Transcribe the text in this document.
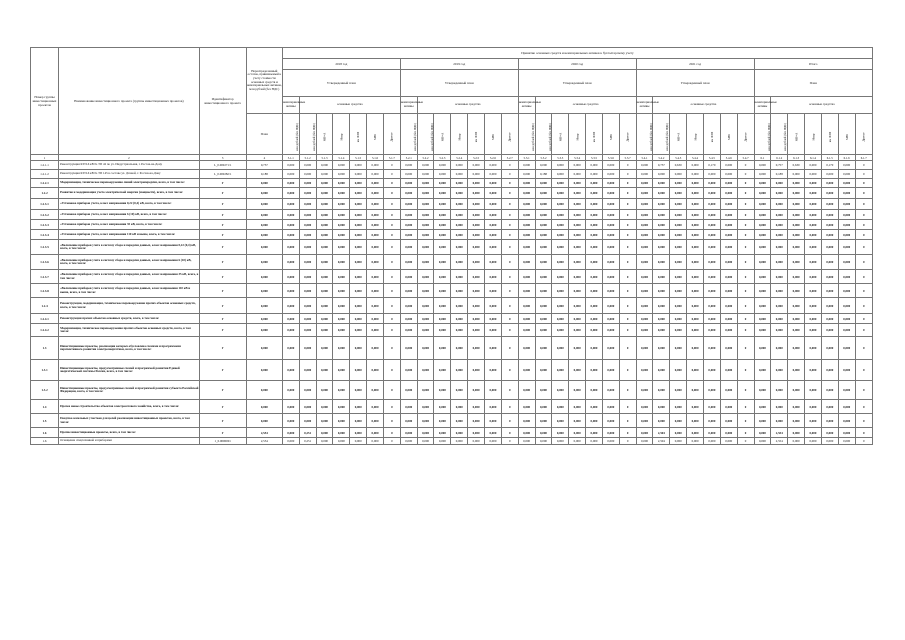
Номер группы инвестиционных проектов	Наименование инвестиционного проекта (группы инвестиционных проектов)	Идентификатор инвестиционного проекта	Нераспределенный остаток, принимаемый к учету стоимости основных средств и нематериальных активов, млн рублей (без НДС)	Принятие основных средств и нематериальных активов к бухгалтерскому учету																																		
				2018 год							2019 год							2020 год							2021 год							Итого						
				Утвержденный план							Утвержденный план							Утвержденный план							Утвержденный план							План						
				нематериальные активы	основные средства						нематериальные активы	основные средства						нематериальные активы	основные средства						нематериальные активы	основные средства						нематериальные активы	основные средства					
			План	млн рублей (без НДС)	млн рублей (без НДС)	МВ×А	Мвар	км ЛЭП	МВт	Другое	млн рублей (без НДС)	млн рублей (без НДС)	МВ×А	Мвар	км ЛЭП	МВт	Другое	млн рублей (без НДС)	млн рублей (без НДС)	МВ×А	Мвар	км ЛЭП	МВт	Другое	млн рублей (без НДС)	млн рублей (без НДС)	МВ×А	Мвар	км ЛЭП	МВт	Другое	млн рублей (без НДС)	млн рублей (без НДС)	МВ×А	Мвар	км ЛЭП	МВт	Другое
1	2	3	4	5.1.1	5.1.2	5.1.3	5.1.4	5.1.5	5.1.6	5.1.7	5.2.1	5.2.2	5.2.3	5.2.4	5.2.5	5.2.6	5.2.7	5.3.1	5.3.2	5.3.3	5.3.4	5.3.5	5.3.6	5.3.7	5.4.1	5.4.2	5.4.3	5.4.4	5.4.5	5.4.6	5.4.7	6.1	6.1.2	6.1.3	6.1.4	6.1.5	6.1.6	6.1.7
1.2.1.1	Реконструкция КТП-6 кВ № ТП 42 по ул. Индустриальная, г. Ростов-на-Дону	L_0.000271/1	0,757	0,000	0,000	0,000	0,000	0,000	0,000	0	0,000	0,000	0,000	0,000	0,000	0,000	0	0,000	0,000	0,000	0,000	0,000	0,000	0	0,000	0,757	0,630	0,000	0,170	0,000	0	0,000	0,757	0,630	0,000	0,170	0,000	0
1.2.1.2	Реконструкция КТП-6 кВ № ТП 145 в составе ул. Дачной, г. Ростов-на-Дону	L_0.000282/1	0,188	0,000	0,000	0,000	0,000	0,000	0,000	0	0,000	0,000	0,000	0,000	0,000	0,000	0	0,000	0,188	0,000	0,000	0,000	0,000	0	0,000	0,000	0,000	0,000	0,000	0,000	0	0,000	0,188	0,000	0,000	0,000	0,000	0
1.2.2.1	Модернизация, техническое перевооружение линий электропередачи, всего, в том числе:	Г	0,000	0,000	0,000	0,000	0,000	0,000	0,000	0	0,000	0,000	0,000	0,000	0,000	0,000	0	0,000	0,000	0,000	0,000	0,000	0,000	0	0,000	0,000	0,000	0,000	0,000	0,000	0	0,000	0,000	0,000	0,000	0,000	0,000	0
1.2.2	Развитие и модернизация учета электрической энергии (мощности), всего, в том числе:	Г	0,000	0,000	0,000	0,000	0,000	0,000	0,000	0	0,000	0,000	0,000	0,000	0,000	0,000	0	0,000	0,000	0,000	0,000	0,000	0,000	0	0,000	0,000	0,000	0,000	0,000	0,000	0	0,000	0,000	0,000	0,000	0,000	0,000	0
1.2.3.1	«Установка приборов учета, класс напряжения 0,22 (0,4) кВ, всего, в том числе:	Г	0,000	0,000	0,000	0,000	0,000	0,000	0,000	0	0,000	0,000	0,000	0,000	0,000	0,000	0	0,000	0,000	0,000	0,000	0,000	0,000	0	0,000	0,000	0,000	0,000	0,000	0,000	0	0,000	0,000	0,000	0,000	0,000	0,000	0
1.2.3.2	«Установка приборов учета, класс напряжения 6 (10) кВ, всего, в том числе:	Г	0,000	0,000	0,000	0,000	0,000	0,000	0,000	0	0,000	0,000	0,000	0,000	0,000	0,000	0	0,000	0,000	0,000	0,000	0,000	0,000	0	0,000	0,000	0,000	0,000	0,000	0,000	0	0,000	0,000	0,000	0,000	0,000	0,000	0
1.2.3.3	«Установка приборов учета, класс напряжения 35 кВ, всего, в том числе:	Г	0,000	0,000	0,000	0,000	0,000	0,000	0,000	0	0,000	0,000	0,000	0,000	0,000	0,000	0	0,000	0,000	0,000	0,000	0,000	0,000	0	0,000	0,000	0,000	0,000	0,000	0,000	0	0,000	0,000	0,000	0,000	0,000	0,000	0
1.2.3.4	«Установка приборов учета, класс напряжения 110 кВ и выше, всего, в том числе:	Г	0,000	0,000	0,000	0,000	0,000	0,000	0,000	0	0,000	0,000	0,000	0,000	0,000	0,000	0	0,000	0,000	0,000	0,000	0,000	0,000	0	0,000	0,000	0,000	0,000	0,000	0,000	0	0,000	0,000	0,000	0,000	0,000	0,000	0
1.2.3.5	«Включение приборов учета в систему сбора и передачи данных, класс напряжения 0,22 (0,4) кВ, всего, в том числе:	Г	0,000	0,000	0,000	0,000	0,000	0,000	0,000	0	0,000	0,000	0,000	0,000	0,000	0,000	0	0,000	0,000	0,000	0,000	0,000	0,000	0	0,000	0,000	0,000	0,000	0,000	0,000	0	0,000	0,000	0,000	0,000	0,000	0,000	0
1.2.3.6	«Включение приборов учета в систему сбора и передачи данных, класс напряжения 6 (10) кВ, всего, в том числе:	Г	0,000	0,000	0,000	0,000	0,000	0,000	0,000	0	0,000	0,000	0,000	0,000	0,000	0,000	0	0,000	0,000	0,000	0,000	0,000	0,000	0	0,000	0,000	0,000	0,000	0,000	0,000	0	0,000	0,000	0,000	0,000	0,000	0,000	0
1.2.3.7	«Включение приборов учета в систему сбора и передачи данных, класс напряжения 35 кВ, всего, в том числе:	Г	0,000	0,000	0,000	0,000	0,000	0,000	0,000	0	0,000	0,000	0,000	0,000	0,000	0,000	0	0,000	0,000	0,000	0,000	0,000	0,000	0	0,000	0,000	0,000	0,000	0,000	0,000	0	0,000	0,000	0,000	0,000	0,000	0,000	0
1.2.3.8	«Включение приборов учета в систему сбора и передачи данных, класс напряжения 110 кВ и выше, всего, в том числе:	Г	0,000	0,000	0,000	0,000	0,000	0,000	0,000	0	0,000	0,000	0,000	0,000	0,000	0,000	0	0,000	0,000	0,000	0,000	0,000	0,000	0	0,000	0,000	0,000	0,000	0,000	0,000	0	0,000	0,000	0,000	0,000	0,000	0,000	0
1.2.4	Реконструкция, модернизация, техническое перевооружение прочих объектов основных средств, всего, в том числе:	Г	0,000	0,000	0,000	0,000	0,000	0,000	0,000	0	0,000	0,000	0,000	0,000	0,000	0,000	0	0,000	0,000	0,000	0,000	0,000	0,000	0	0,000	0,000	0,000	0,000	0,000	0,000	0	0,000	0,000	0,000	0,000	0,000	0,000	0
1.2.4.1	Реконструкция прочих объектов основных средств, всего, в том числе:	Г	0,000	0,000	0,000	0,000	0,000	0,000	0,000	0	0,000	0,000	0,000	0,000	0,000	0,000	0	0,000	0,000	0,000	0,000	0,000	0,000	0	0,000	0,000	0,000	0,000	0,000	0,000	0	0,000	0,000	0,000	0,000	0,000	0,000	0
1.2.4.2	Модернизация, техническое перевооружение прочих объектов основных средств, всего, в том числе:	Г	0,000	0,000	0,000	0,000	0,000	0,000	0,000	0	0,000	0,000	0,000	0,000	0,000	0,000	0	0,000	0,000	0,000	0,000	0,000	0,000	0	0,000	0,000	0,000	0,000	0,000	0,000	0	0,000	0,000	0,000	0,000	0,000	0,000	0
1.3	Инвестиционные проекты, реализация которых обусловлена схемами и программами перспективного развития электроэнергетики, всего, в том числе:	Г	0,000	0,000	0,000	0,000	0,000	0,000	0,000	0	0,000	0,000	0,000	0,000	0,000	0,000	0	0,000	0,000	0,000	0,000	0,000	0,000	0	0,000	0,000	0,000	0,000	0,000	0,000	0	0,000	0,000	0,000	0,000	0,000	0,000	0
1.3.1	Инвестиционные проекты, предусмотренные схемой и программой развития Единой энергетической системы России, всего, в том числе:	Г	0,000	0,000	0,000	0,000	0,000	0,000	0,000	0	0,000	0,000	0,000	0,000	0,000	0,000	0	0,000	0,000	0,000	0,000	0,000	0,000	0	0,000	0,000	0,000	0,000	0,000	0,000	0	0,000	0,000	0,000	0,000	0,000	0,000	0
1.3.2	Инвестиционные проекты, предусмотренные схемой и программой развития субъекта Российской Федерации, всего, в том числе:	Г	0,000	0,000	0,000	0,000	0,000	0,000	0,000	0	0,000	0,000	0,000	0,000	0,000	0,000	0	0,000	0,000	0,000	0,000	0,000	0,000	0	0,000	0,000	0,000	0,000	0,000	0,000	0	0,000	0,000	0,000	0,000	0,000	0,000	0
1.4	Прочее новое строительство объектов электросетевого хозяйства, всего, в том числе:	Г	0,000	0,000	0,000	0,000	0,000	0,000	0,000	0	0,000	0,000	0,000	0,000	0,000	0,000	0	0,000	0,000	0,000	0,000	0,000	0,000	0	0,000	0,000	0,000	0,000	0,000	0,000	0	0,000	0,000	0,000	0,000	0,000	0,000	0
1.5	Покупка земельных участков для целей реализации инвестиционных проектов, всего, в том числе:	Г	0,000	0,000	0,000	0,000	0,000	0,000	0,000	0	0,000	0,000	0,000	0,000	0,000	0,000	0	0,000	0,000	0,000	0,000	0,000	0,000	0	0,000	0,000	0,000	0,000	0,000	0,000	0	0,000	0,000	0,000	0,000	0,000	0,000	0
1.6	Прочие инвестиционные проекты, всего, в том числе:	Г	2,554	0,000	0,251	0,000	0,000	0,000	0,000	0	0,000	0,000	0,000	0,000	0,000	0,000	0	0,000	0,000	0,000	0,000	0,000	0,000	0	0,000	2,504	0,000	0,000	0,000	0,000	0	0,000	2,554	0,000	0,000	0,000	0,000	0
1.6	Оснащение спецтехникой и приборами	1_0.0000001	2,554	0,000	0,251	0,000	0,000	0,000	0,000	0	0,000	0,000	0,000	0,000	0,000	0,000	0	0,000	0,000	0,000	0,000	0,000	0,000	0	0,000	2,504	0,000	0,000	0,000	0,000	0	0,000	2,554	0,000	0,000	0,000	0,000	0
